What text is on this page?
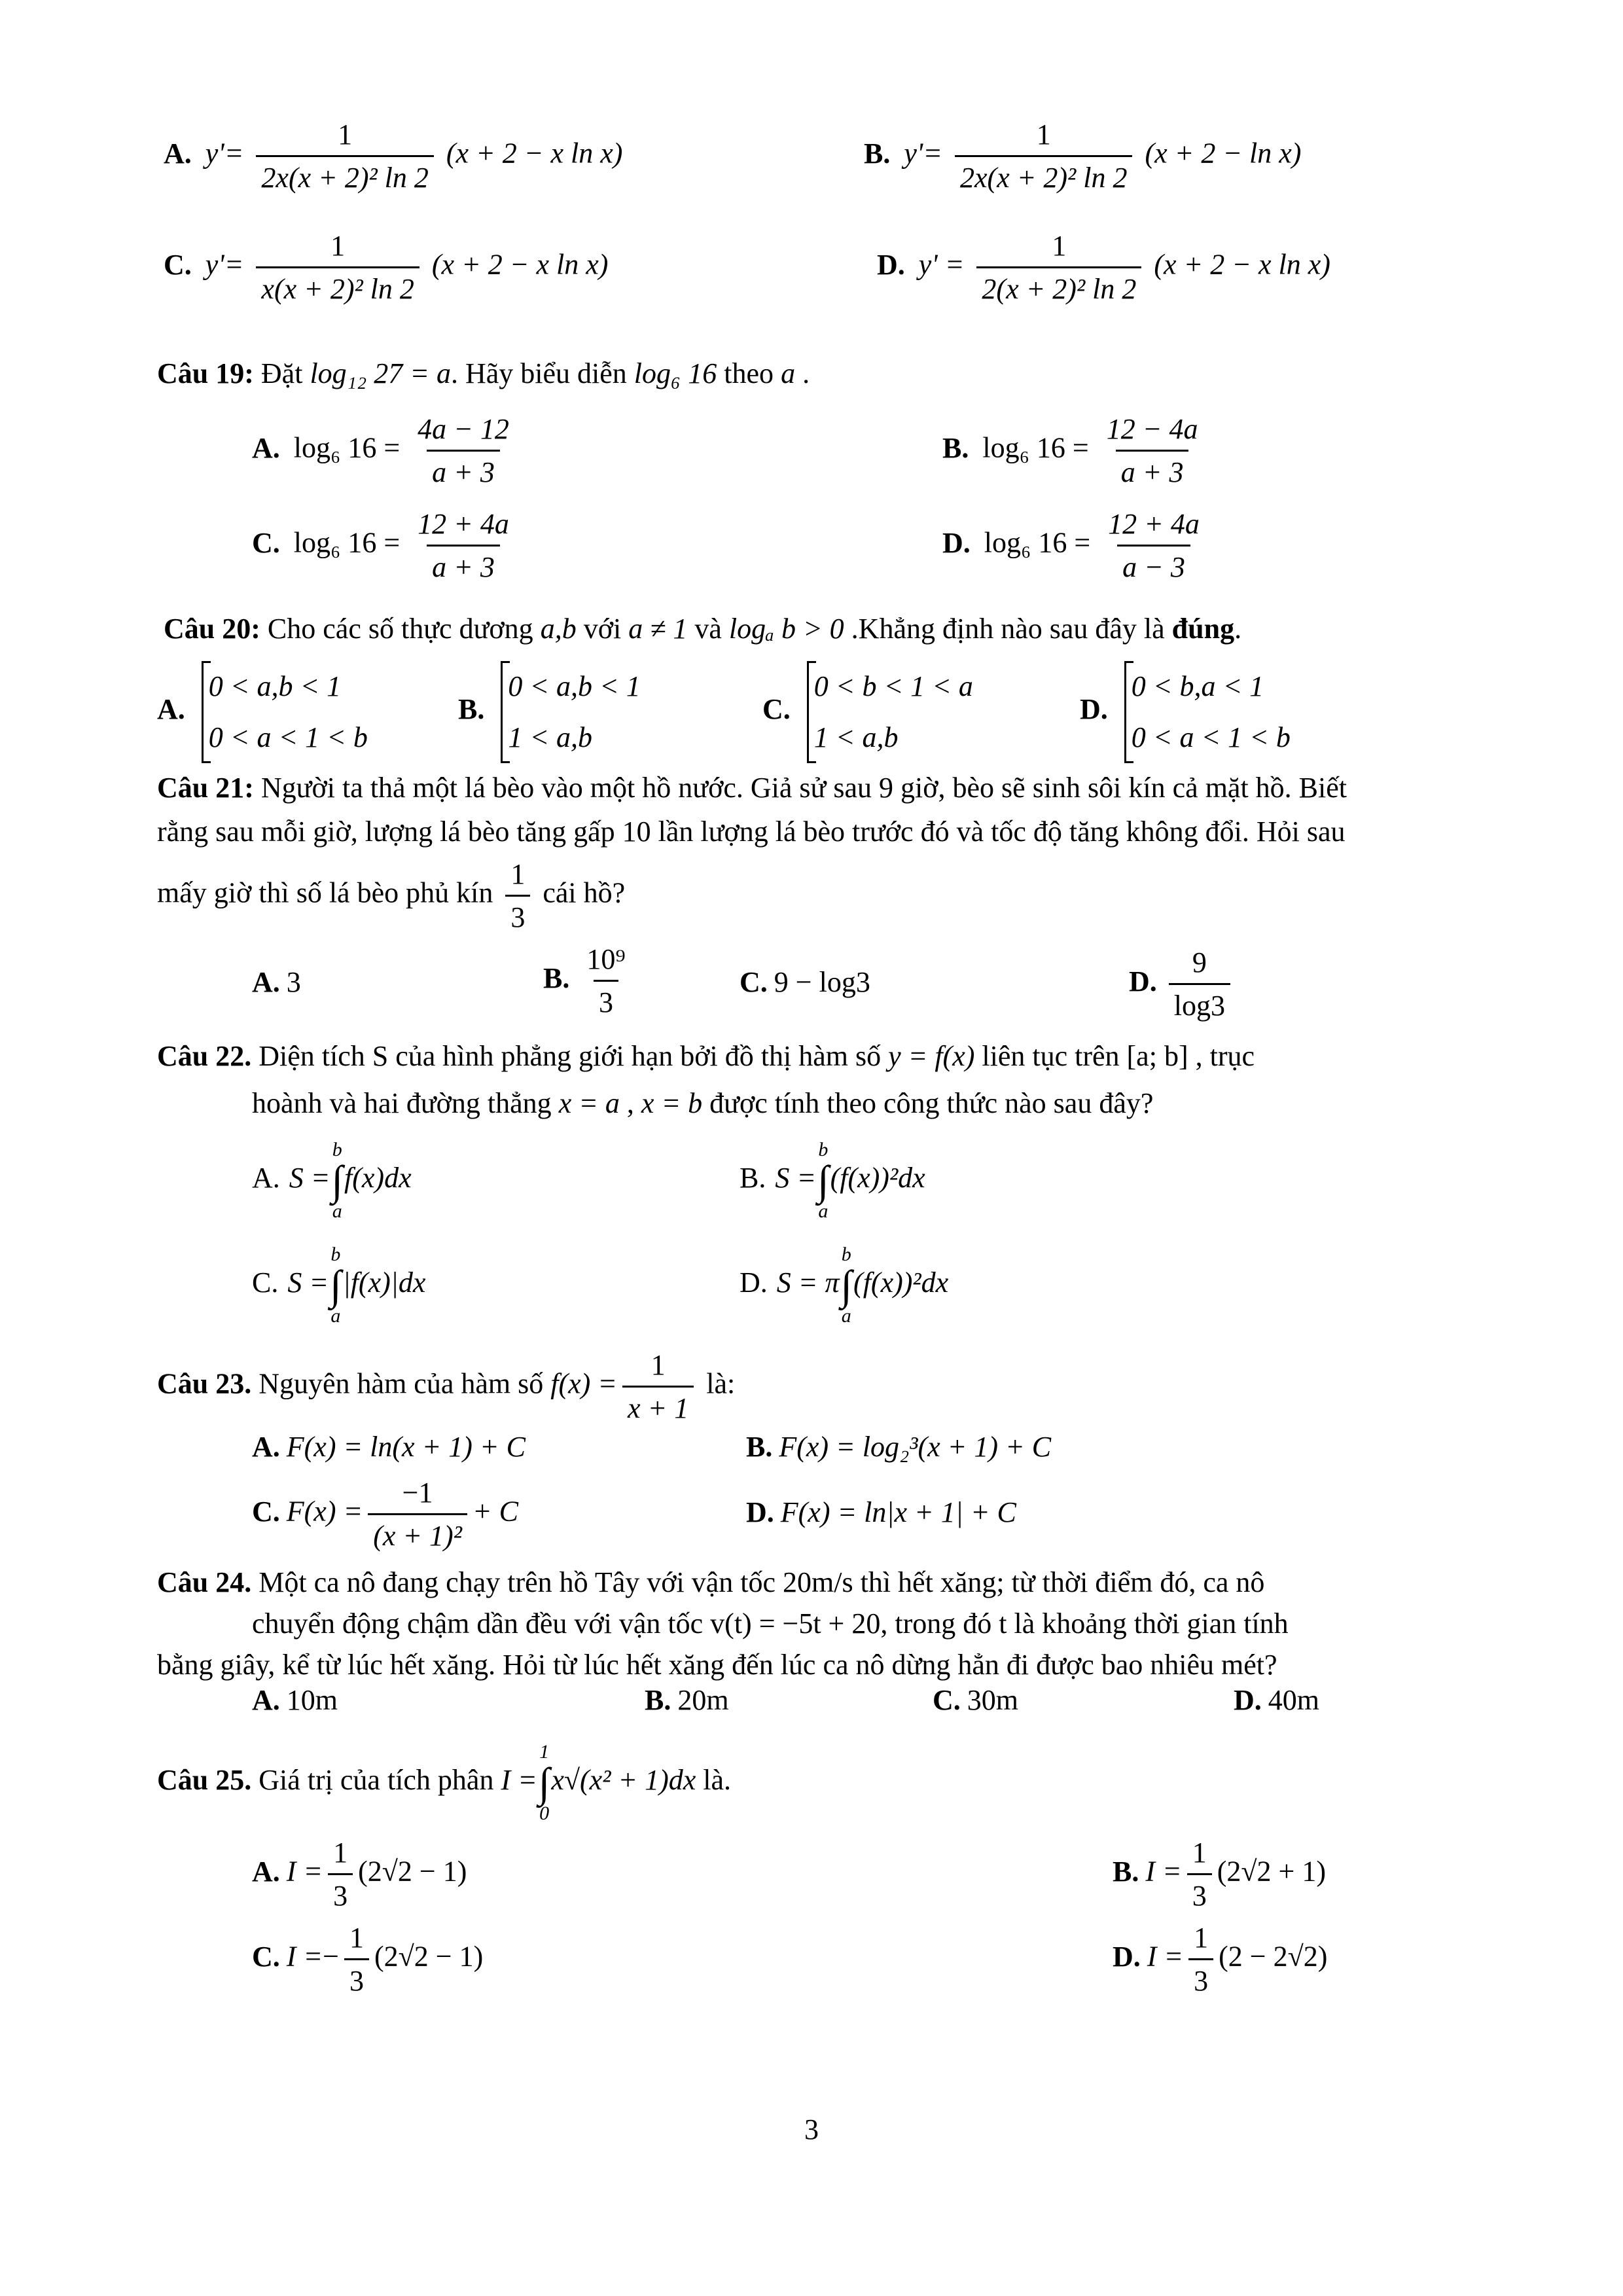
A. $y'= \frac{1}{\text{2x(x + 2)² ln 2}} (x + 2 - x$ ln x)	B. $y'= \frac{1}{\text{2x(x + 2)² ln 2}} (x + 2 - \ln x)$
C. $y'= \frac{1}{\text{x(x + 2)² ln 2}} (x + 2 - x$ ln x)	D. $y' = \frac{1}{\text{2(x + 2)² ln 2}} (x + 2 - x$ ln x)
Câu 19: Đặt log₁₂ 27 = a. Hãy biểu diễn log₆ 16 theo a .
A. log₆ $16 = \frac{4a - 12}{a + 3}$	B. log₆ $16 = \frac{12 - 4a}{a + 3}$
C. log₆ $16 = \frac{12 + 4a}{a + 3}$	D. log₆ $16 = \frac{12 + 4a}{a - 3}$
Câu 20: Cho các số thực dương a,b với a ≠ 1 và logₐ b > 0 .Khẳng định nào sau đây là đúng.
A.
0 < a,b < 1
0 < a < 1 < b
B.
0 < a,b < 1
1 < a,b
C.
0 < b < 1 < a
1 < a,b
D.
0 < b,a < 1
0 < a < 1 < b
Câu 21: Người ta thả một lá bèo vào một hồ nước. Giả sử sau 9 giờ, bèo sẽ sinh sôi kín cả mặt hồ. Biết
rằng sau mỗi giờ, lượng lá bèo tăng gấp 10 lần lượng lá bèo trước đó và tốc độ tăng không đổi. Hỏi sau
mấy giờ thì số lá bèo phủ kín $\frac{1}{3}$ cái hồ?
A. 3	B. $\frac{\text{10⁹}}{3}$	C. 9 − log3	D. $\frac{9}{\log 3}$
Câu 22. Diện tích S của hình phẳng giới hạn bởi đồ thị hàm số y = f(x) liên tục trên [a; b] , trục
hoành và hai đường thẳng x = a , x = b được tính theo công thức nào sau đây?
A. S =
b
∫
a
f(x)dx	B. S =
b
∫
a
(f(x))²dx
C. S =
b
∫
a
|f(x)|dx	D. S = π
b
∫
a
(f(x))²dx
Câu 23. Nguyên hàm của hàm số $f(x) = \frac{1}{x + 1}$ là:
A. F(x) = ln(x + 1) + C	B. F(x) = log₂³(x + 1) + C
C. $F(x) = \frac{-1}{\text{(x + 1)²}} + C$	D. F(x) = ln|x + 1| + C
Câu 24. Một ca nô đang chạy trên hồ Tây với vận tốc 20m/s thì hết xăng; từ thời điểm đó, ca nô
chuyển động chậm dần đều với vận tốc v(t) = −5t + 20, trong đó t là khoảng thời gian tính
bằng giây, kể từ lúc hết xăng. Hỏi từ lúc hết xăng đến lúc ca nô dừng hẳn đi được bao nhiêu mét?
A. 10m	B. 20m	C. 30m	D. 40m
Câu 25. Giá trị của tích phân I =
1
∫
0
x√(x² + 1)dx là.
A. $I = \frac{1}{3} (2√2 - 1)$	B. $I = \frac{1}{3} (2√2 + 1)$
C. $I =- \frac{1}{3} (2√2 - 1)$	D. $I = \frac{1}{3} (2 - 2√2)$
3
